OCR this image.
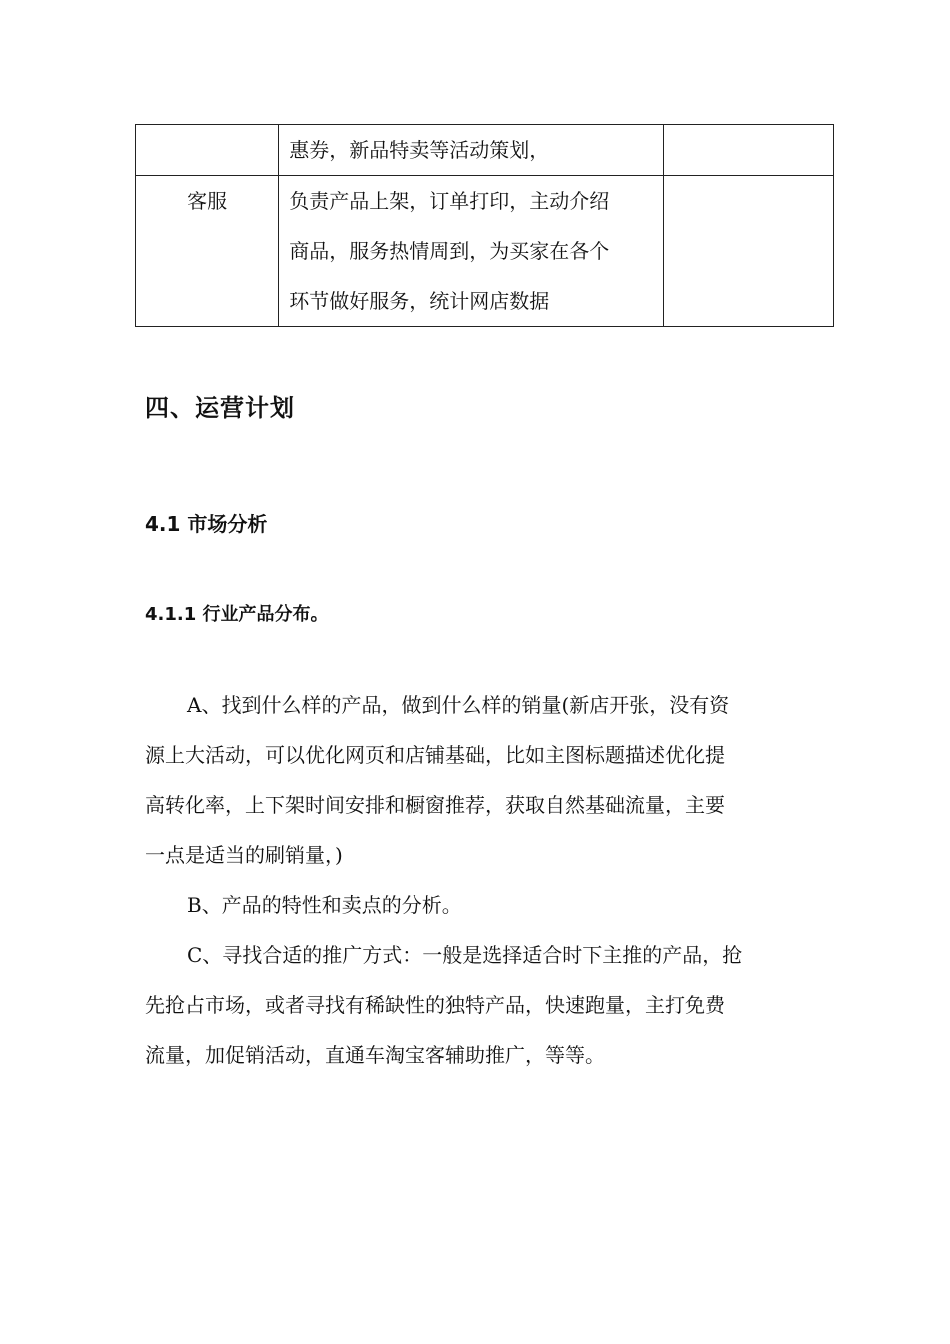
	惠券，新品特卖等活动策划，	

客服	负责产品上架，订单打印，主动介绍
商品，服务热情周到，为买家在各个
环节做好服务，统计网店数据	

四、运营计划
4.1 市场分析
4.1.1 行业产品分布。
A、找到什么样的产品，做到什么样的销量(新店开张，没有资
源上大活动，可以优化网页和店铺基础，比如主图标题描述优化提
高转化率，上下架时间安排和橱窗推荐，获取自然基础流量，主要
一点是适当的刷销量，)
B、产品的特性和卖点的分析。
C、寻找合适的推广方式：一般是选择适合时下主推的产品，抢
先抢占市场，或者寻找有稀缺性的独特产品，快速跑量，主打免费
流量，加促销活动，直通车淘宝客辅助推广，等等。
